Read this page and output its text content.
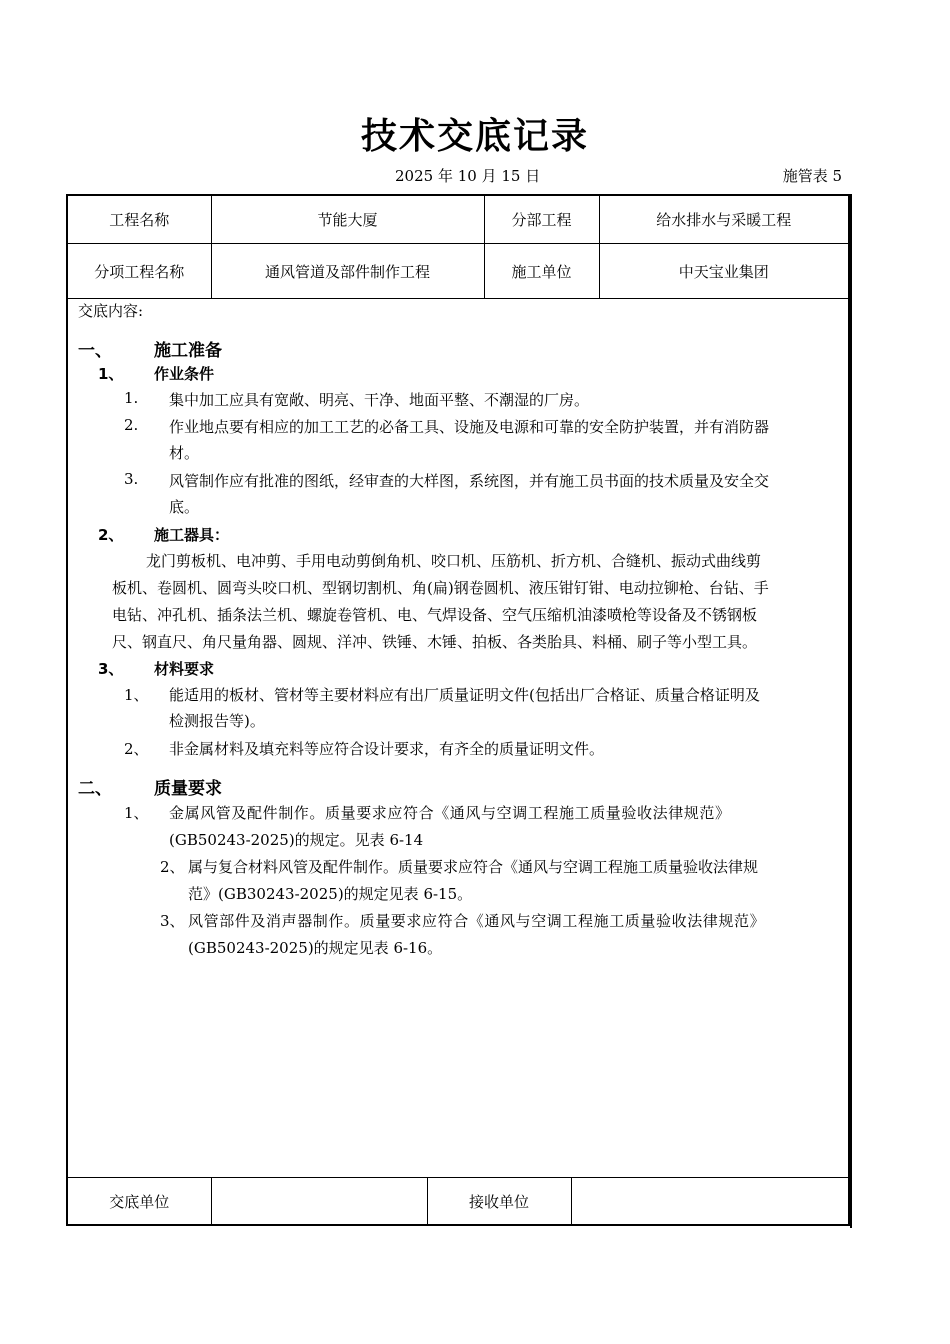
技术交底记录
2025 年 10 月 15 日	施管表 5
工程名称	节能大厦	分部工程	给水排水与采暖工程
分项工程名称	通风管道及部件制作工程	施工单位	中天宝业集团
交底内容:
一、 施工准备
1、 作业条件
1. 集中加工应具有宽敞、明亮、干净、地面平整、不潮湿的厂房。
2. 作业地点要有相应的加工工艺的必备工具、设施及电源和可靠的安全防护装置，并有消防器
材。
3. 风管制作应有批准的图纸，经审查的大样图，系统图，并有施工员书面的技术质量及安全交
底。
2、 施工器具：
龙门剪板机、电冲剪、手用电动剪倒角机、咬口机、压筋机、折方机、合缝机、振动式曲线剪
板机、卷圆机、圆弯头咬口机、型钢切割机、角(扁)钢卷圆机、液压钳钉钳、电动拉铆枪、台钻、手
电钻、冲孔机、插条法兰机、螺旋卷管机、电、气焊设备、空气压缩机油漆喷枪等设备及不锈钢板
尺、钢直尺、角尺量角器、圆规、洋冲、铁锤、木锤、拍板、各类胎具、料桶、刷子等小型工具。
3、 材料要求
1、 能适用的板材、管材等主要材料应有出厂质量证明文件(包括出厂合格证、质量合格证明及
检测报告等)。
2、 非金属材料及填充料等应符合设计要求，有齐全的质量证明文件。
二、 质量要求
1、 金属风管及配件制作。质量要求应符合《通风与空调工程施工质量验收法律规范》
(GB50243-2025)的规定。见表 6-14
2、 属与复合材料风管及配件制作。质量要求应符合《通风与空调工程施工质量验收法律规
范》(GB30243-2025)的规定见表 6-15。
3、 风管部件及消声器制作。质量要求应符合《通风与空调工程施工质量验收法律规范》
(GB50243-2025)的规定见表 6-16。
交底单位		接收单位	
